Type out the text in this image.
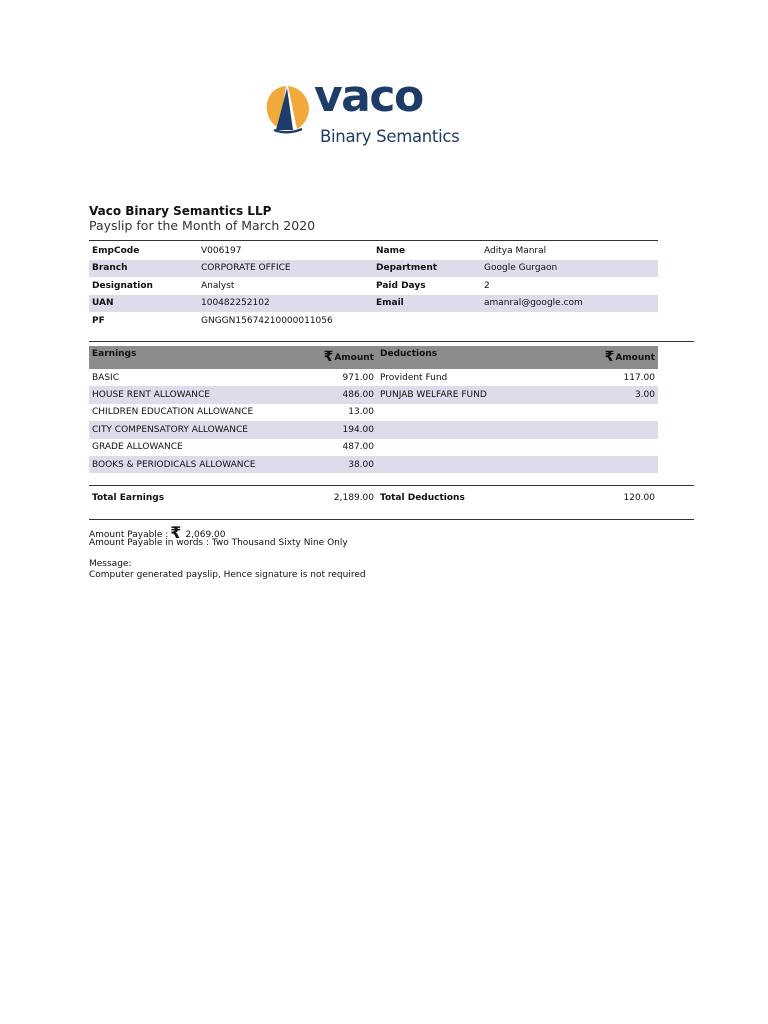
vaco
Binary Semantics
Vaco Binary Semantics LLP
Payslip for the Month of March 2020
EmpCode	V006197	Name	Aditya Manral
Branch	CORPORATE OFFICE	Department	Google Gurgaon
Designation	Analyst	Paid Days	2
UAN	100482252102	Email	amanral@google.com
PF	GNGGN15674210000011056
Earnings	₹Amount Deductions	₹Amount
BASIC	971.00 Provident Fund	117.00
HOUSE RENT ALLOWANCE	486.00 PUNJAB WELFARE FUND	3.00
CHILDREN EDUCATION ALLOWANCE	13.00
CITY COMPENSATORY ALLOWANCE	194.00
GRADE ALLOWANCE	487.00
BOOKS & PERIODICALS ALLOWANCE	38.00
Total Earnings	2,189.00 Total Deductions	120.00
Amount Payable : ₹ 2,069.00
Amount Payable in words : Two Thousand Sixty Nine Only
Message:
Computer generated payslip, Hence signature is not required
